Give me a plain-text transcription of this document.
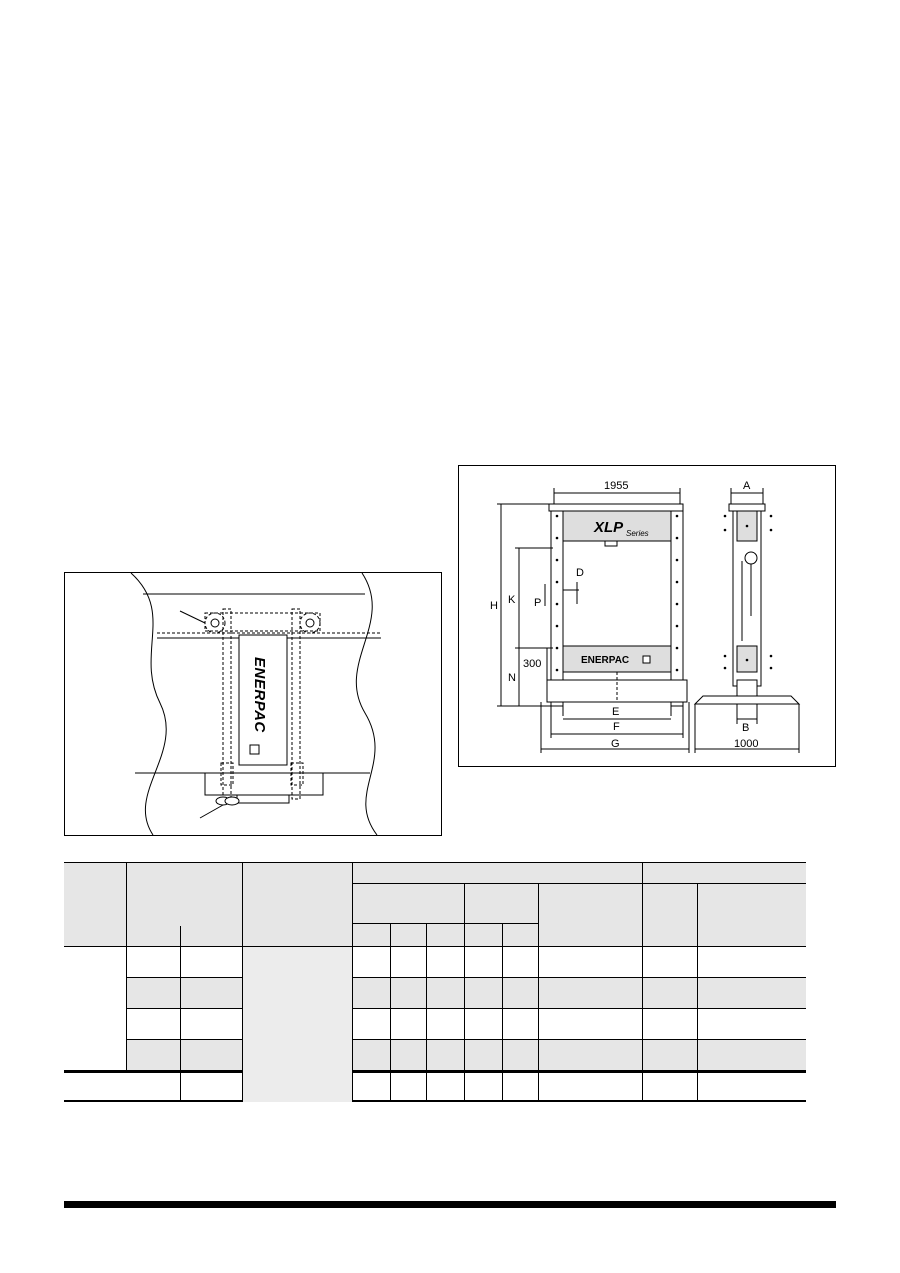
ENERPAC
1955
XLP Series
ENERPAC
H K
N
300
P
D
E
F
G
A
B
1000
